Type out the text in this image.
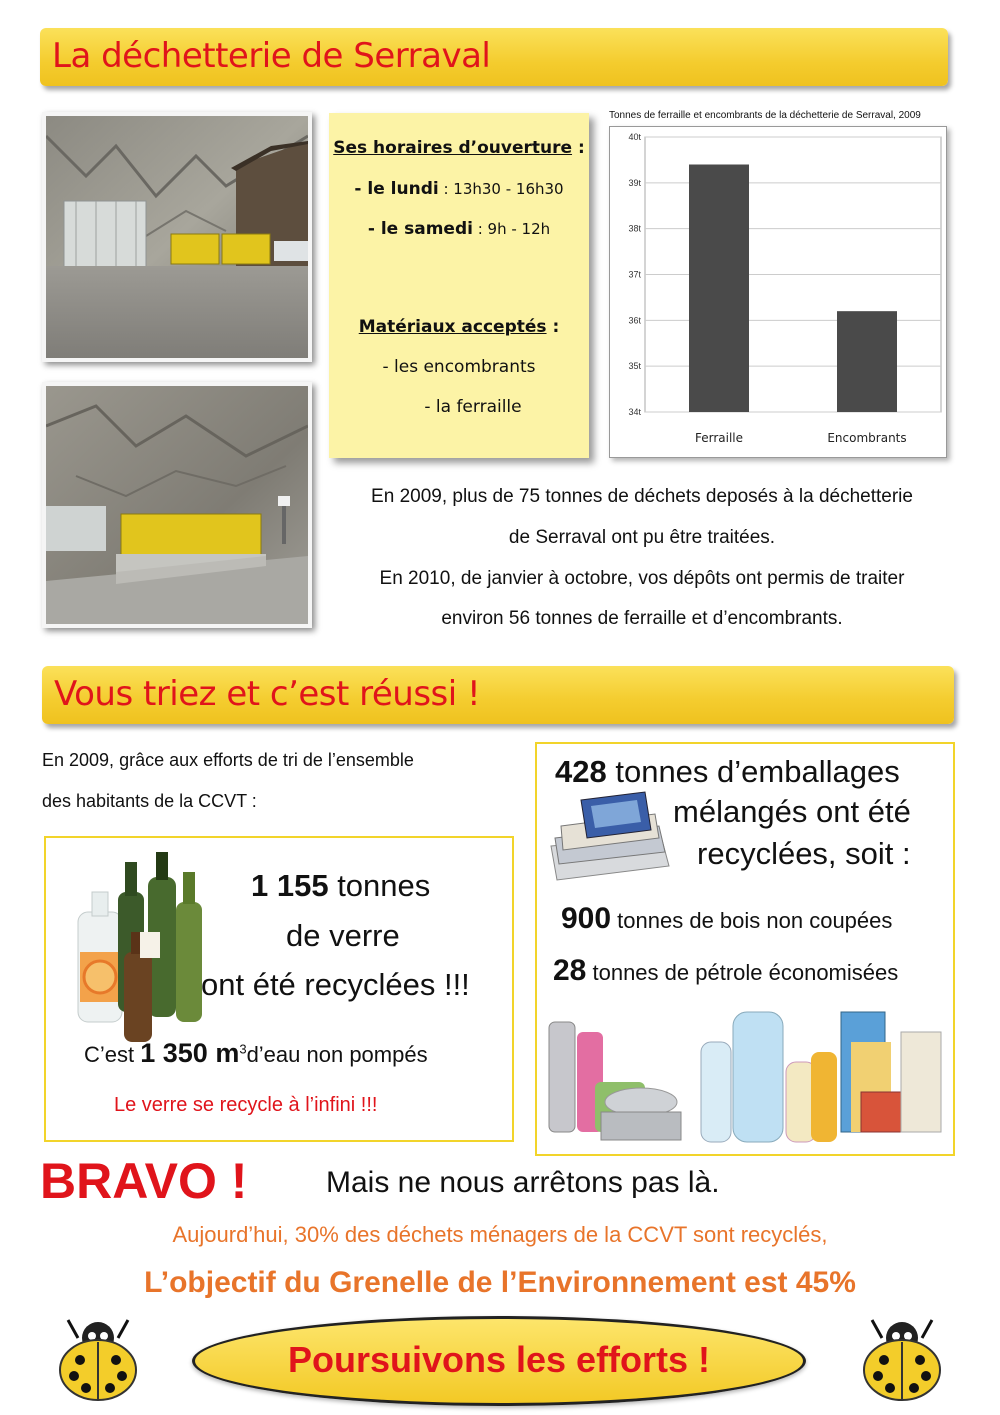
La déchetterie de Serraval
Ses horaires d’ouverture :
- le lundi : 13h30 - 16h30
- le samedi : 9h - 12h
Matériaux acceptés :
- les encombrants
- la ferraille
Tonnes de ferraille et encombrants de la déchetterie de Serraval, 2009
34t
35t
36t
37t
38t
39t
40t
Ferraille	Encombrants
En 2009, plus de 75 tonnes de déchets deposés à la déchetterie
de Serraval ont pu être traitées.
En 2010, de janvier à octobre, vos dépôts ont permis de traiter
environ 56 tonnes de ferraille et d’encombrants.
Vous triez et c’est réussi !
En 2009, grâce aux efforts de tri de l’ensemble
des habitants de la CCVT :
1 155 tonnes
de verre
ont été recyclées !!!
C’est 1 350 $m^3d’eau$ non pompés
Le verre se recycle à l’infini !!!
428 tonnes d’emballages
mélangés ont été
recyclées, soit :
900 tonnes de bois non coupées
28 tonnes de pétrole économisées
BRAVO !	Mais ne nous arrêtons pas là.
Aujourd’hui, 30% des déchets ménagers de la CCVT sont recyclés,
L’objectif du Grenelle de l’Environnement est 45%
Poursuivons les efforts !
